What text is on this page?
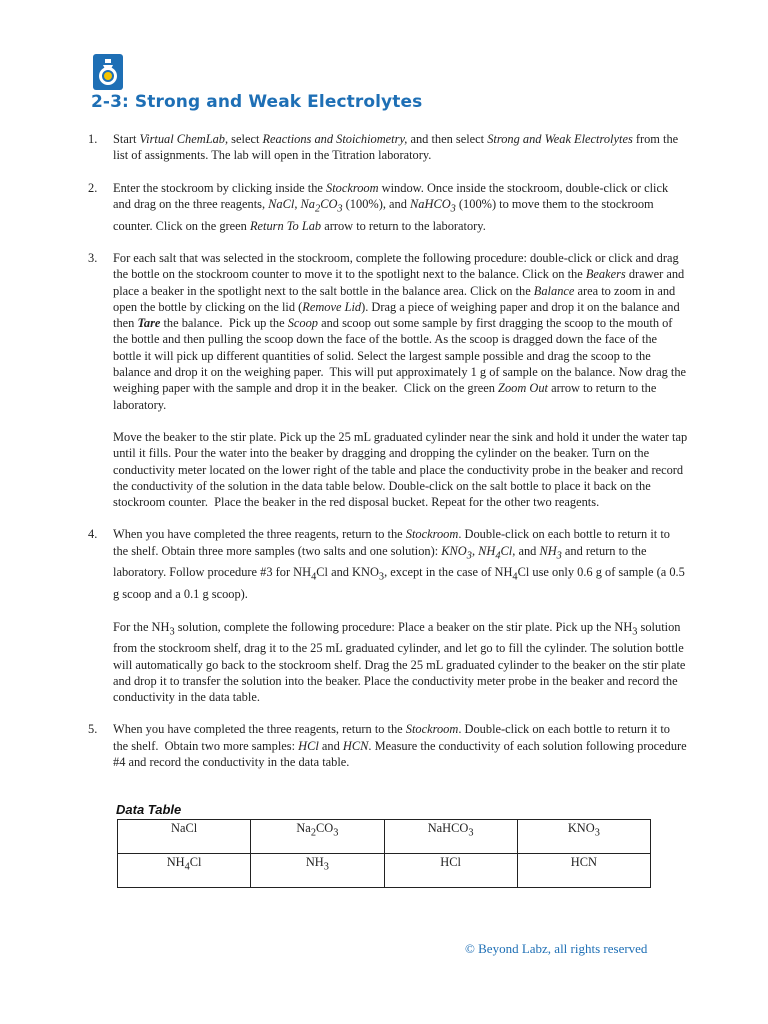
2-3: Strong and Weak Electrolytes
1.	Start Virtual ChemLab, select Reactions and Stoichiometry, and then select Strong and Weak Electrolytes from the list of assignments. The lab will open in the Titration laboratory.

2.	Enter the stockroom by clicking inside the Stockroom window. Once inside the stockroom, double-click or click and drag on the three reagents, NaCl, $Na_2CO_3$ (100%), and NaHCO$_3$ (100%) to move them to the stockroom counter. Click on the green Return To Lab arrow to return to the laboratory.

3.	For each salt that was selected in the stockroom, complete the following procedure: double-click or click and drag the bottle on the stockroom counter to move it to the spotlight next to the balance. Click on the Beakers drawer and place a beaker in the spotlight next to the salt bottle in the balance area. Click on the Balance area to zoom in and open the bottle by clicking on the lid (Remove Lid). Drag a piece of weighing paper and drop it on the balance and then Tare the balance.  Pick up the Scoop and scoop out some sample by first dragging the scoop to the mouth of the bottle and then pulling the scoop down the face of the bottle. As the scoop is dragged down the face of the bottle it will pick up different quantities of solid. Select the largest sample possible and drag the scoop to the balance and drop it on the weighing paper.  This will put approximately 1 g of sample on the balance. Now drag the weighing paper with the sample and drop it in the beaker.  Click on the green Zoom Out arrow to return to the laboratory.

Move the beaker to the stir plate. Pick up the 25 mL graduated cylinder near the sink and hold it under the water tap until it fills. Pour the water into the beaker by dragging and dropping the cylinder on the beaker. Turn on the conductivity meter located on the lower right of the table and place the conductivity probe in the beaker and record the conductivity of the solution in the data table below. Double-click on the salt bottle to place it back on the stockroom counter.  Place the beaker in the red disposal bucket. Repeat for the other two reagents.

4.	When you have completed the three reagents, return to the Stockroom. Double-click on each bottle to return it to the shelf. Obtain three more samples (two salts and one solution): $KNO_3$, $NH_4Cl$, and $NH_3$ and return to the laboratory. Follow procedure #3 for $NH_4Cl$ and $KNO_3$, except in the case of $NH_4Cl$ use only 0.6 g of sample (a 0.5 g scoop and a 0.1 g scoop).

For the $NH_3$ solution, complete the following procedure: Place a beaker on the stir plate. Pick up the $NH_3$ solution from the stockroom shelf, drag it to the 25 mL graduated cylinder, and let go to fill the cylinder. The solution bottle will automatically go back to the stockroom shelf. Drag the 25 mL graduated cylinder to the beaker on the stir plate and drop it to transfer the solution into the beaker. Place the conductivity meter probe in the beaker and record the conductivity in the data table.

5.	When you have completed the three reagents, return to the Stockroom. Double-click on each bottle to return it to the shelf.  Obtain two more samples: HCl and HCN. Measure the conductivity of each solution following procedure #4 and record the conductivity in the data table.

Data Table
NaCl	$Na_2CO_3$	NaHCO$_3$	$KNO_3$
$NH_4Cl$	$NH_3$	HCl	HCN
© Beyond Labz, all rights reserved
